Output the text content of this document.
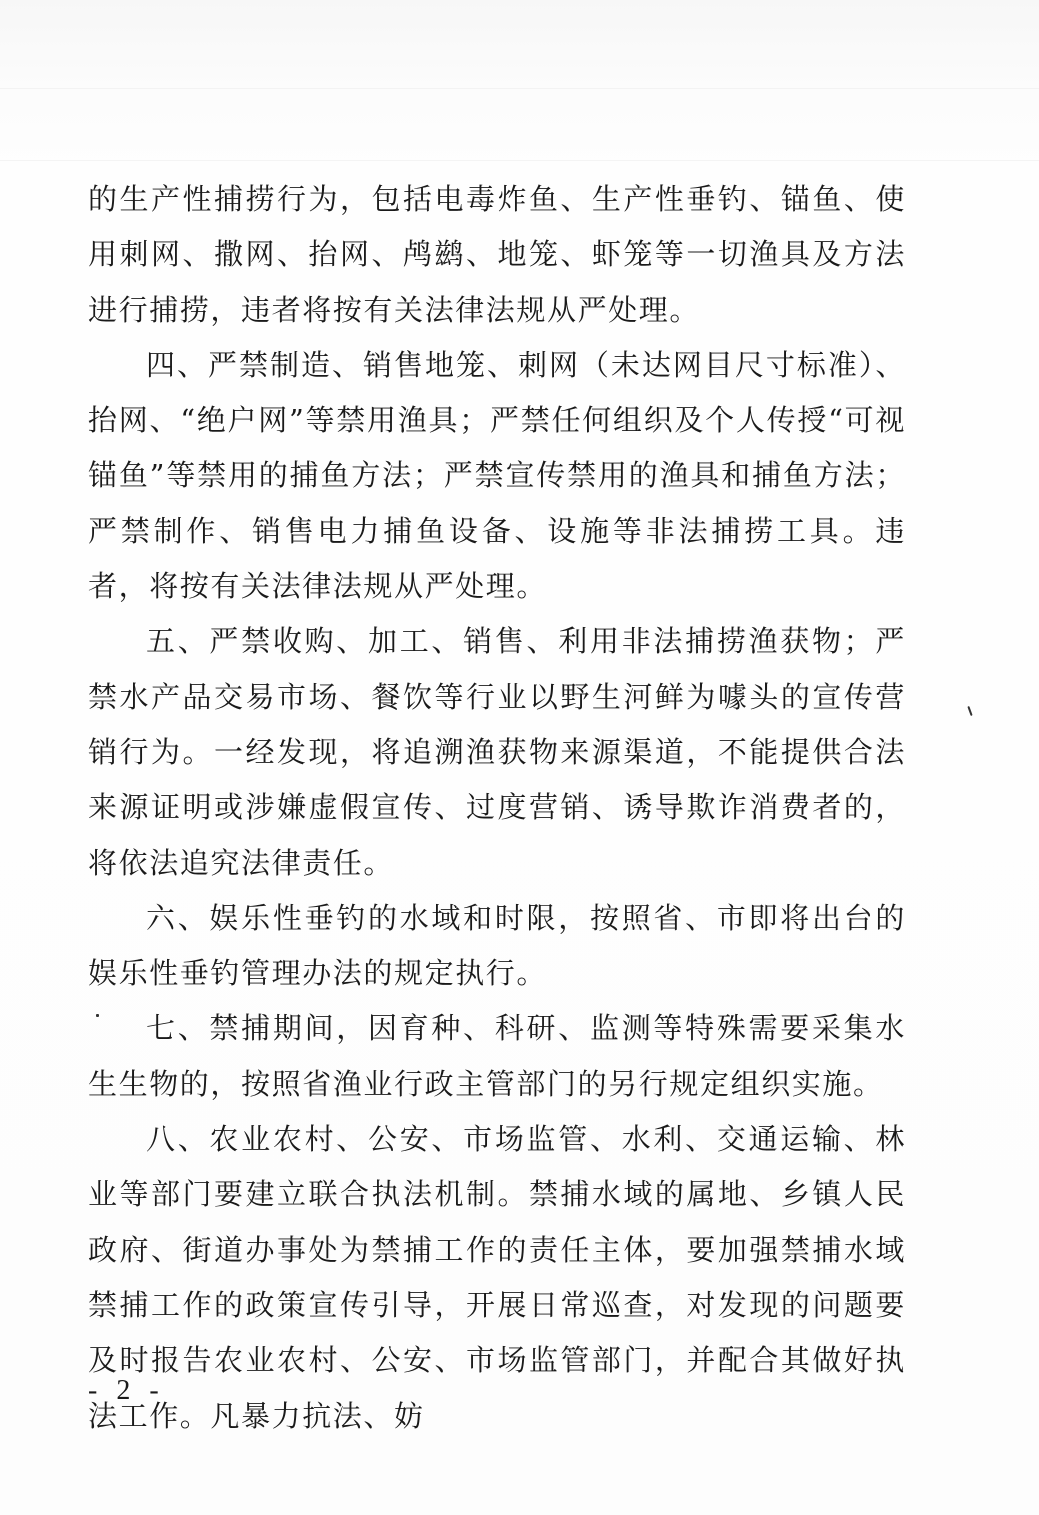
的生产性捕捞行为，包括电毒炸鱼、生产性垂钓、锚鱼、使用刺网、撒网、抬网、鸬鹚、地笼、虾笼等一切渔具及方法进行捕捞，违者将按有关法律法规从严处理。

四、严禁制造、销售地笼、刺网（未达网目尺寸标准）、抬网、“绝户网”等禁用渔具；严禁任何组织及个人传授“可视锚鱼”等禁用的捕鱼方法；严禁宣传禁用的渔具和捕鱼方法；严禁制作、销售电力捕鱼设备、设施等非法捕捞工具。违者，将按有关法律法规从严处理。

五、严禁收购、加工、销售、利用非法捕捞渔获物；严禁水产品交易市场、餐饮等行业以野生河鲜为噱头的宣传营销行为。一经发现，将追溯渔获物来源渠道，不能提供合法来源证明或涉嫌虚假宣传、过度营销、诱导欺诈消费者的，将依法追究法律责任。

六、娱乐性垂钓的水域和时限，按照省、市即将出台的娱乐性垂钓管理办法的规定执行。

七、禁捕期间，因育种、科研、监测等特殊需要采集水生生物的，按照省渔业行政主管部门的另行规定组织实施。

八、农业农村、公安、市场监管、水利、交通运输、林业等部门要建立联合执法机制。禁捕水域的属地、乡镇人民政府、街道办事处为禁捕工作的责任主体，要加强禁捕水域禁捕工作的政策宣传引导，开展日常巡查，对发现的问题要及时报告农业农村、公安、市场监管部门，并配合其做好执法工作。凡暴力抗法、妨

- 2 -
